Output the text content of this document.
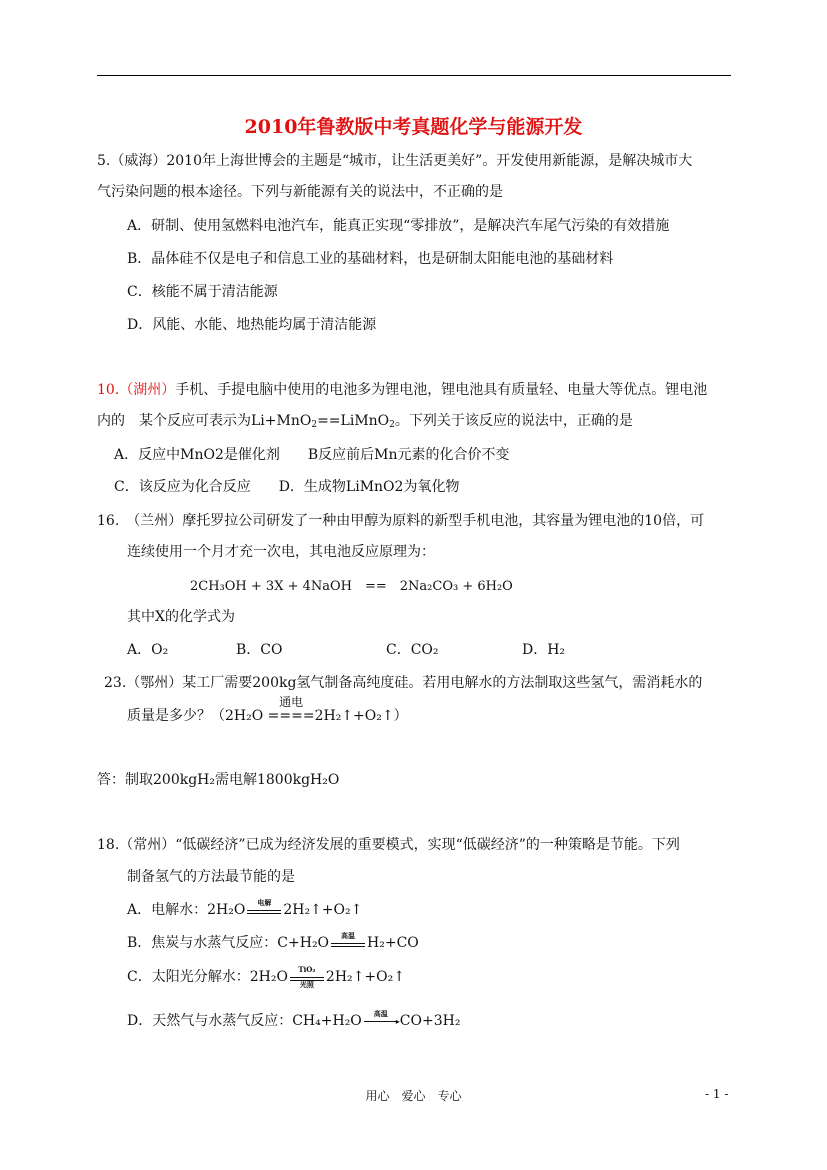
2010年鲁教版中考真题化学与能源开发
5.（威海）2010年上海世博会的主题是“城市，让生活更美好”。开发使用新能源，是解决城市大
气污染问题的根本途径。下列与新能源有关的说法中，不正确的是
A．研制、使用氢燃料电池汽车，能真正实现“零排放”，是解决汽车尾气污染的有效措施
B．晶体硅不仅是电子和信息工业的基础材料，也是研制太阳能电池的基础材料
C．核能不属于清洁能源
D．风能、水能、地热能均属于清洁能源
10.（湖州）手机、手提电脑中使用的电池多为锂电池，锂电池具有质量轻、电量大等优点。锂电池
内的　某个反应可表示为Li+MnO$_2$==LiMnO$_2$。下列关于该反应的说法中，正确的是
A．反应中MnO2是催化剂　　B反应前后Mn元素的化合价不变
C．该反应为化合反应　　D．生成物LiMnO2为氧化物
16.　（兰州）摩托罗拉公司研发了一种由甲醇为原料的新型手机电池，其容量为锂电池的10倍，可
连续使用一个月才充一次电，其电池反应原理为：
2CH₃OH + 3X + 4NaOH　==　2Na₂CO₃ + 6H₂O
其中X的化学式为
A．O₂	B．CO	C．CO₂	D．H₂
23.（鄂州）某工厂需要200kg氢气制备高纯度硅。若用电解水的方法制取这些氢气，需消耗水的
质量是多少？（2H₂O
通电
====2H₂↑+O₂↑）
答：制取200kgH₂需电解1800kgH₂O
18.（常州）“低碳经济”已成为经济发展的重要模式，实现“低碳经济”的一种策略是节能。下列
制备氢气的方法最节能的是
A．电解水：2H₂O	电解 2H₂↑+O₂↑
B．焦炭与水蒸气反应：C+H₂O	高温 H₂+CO
C．太阳光分解水：2H₂O	TiO₂
光照 2H₂↑+O₂↑
D．天然气与水蒸气反应：CH₄+H₂O	高温
▸ CO+3H₂
用心　爱心　专心	- 1 -
